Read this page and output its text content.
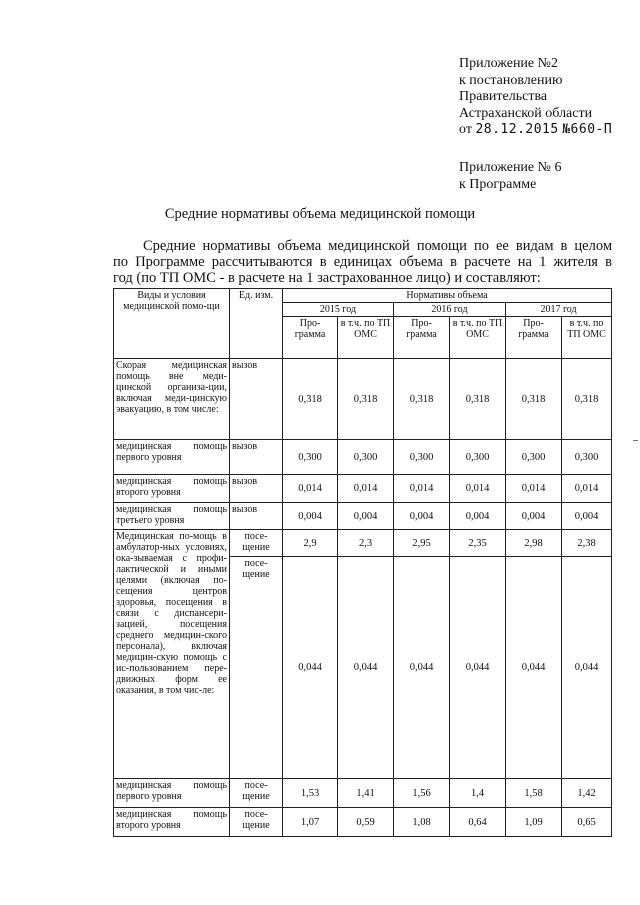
Приложение №2
к постановлению
Правительства
Астраханской области
от 28.12.2015 №660-П
Приложение № 6
к Программе
Средние нормативы объема медицинской помощи
Средние нормативы объема медицинской помощи по ее видам в целом
по Программе рассчитываются в единицах объема в расчете на 1 жителя в
год (по ТП ОМС - в расчете на 1 застрахованное лицо) и составляют:
Виды и условия медицинской помо-щи	Ед. изм.	Нормативы объема					
		2015 год		2016 год		2017 год	
		Про-грамма	в т.ч. по ТП ОМС	Про-грамма	в т.ч. по ТП ОМС	Про-грамма	в т.ч. по ТП ОМС
Скорая медицинская помощь вне меди-цинской организа-ции, включая меди-цинскую эвакуацию, в том числе:	вызов	0,318	0,318	0,318	0,318	0,318	0,318
медицинская помощь первого уровня	вызов	0,300	0,300	0,300	0,300	0,300	0,300
медицинская помощь второго уровня	вызов	0,014	0,014	0,014	0,014	0,014	0,014
медицинская помощь третьего уровня	вызов	0,004	0,004	0,004	0,004	0,004	0,004
Медицинская по-мощь в амбулатор-ных условиях, ока-зываемая с профи-лактической и иными целями (включая по-сещения центров здоровья, посещения в связи с диспансери-зацией, посещения среднего медицин-ского персонала), включая медицин-скую помощь с ис-пользованием пере-движных форм ее оказания, в том чис-ле:	посе-щение	2,9	2,3	2,95	2,35	2,98	2,38
	посе-щение	0,044	0,044	0,044	0,044	0,044	0,044
медицинская помощь первого уровня	посе-щение	1,53	1,41	1,56	1,4	1,58	1,42
медицинская помощь второго уровня	посе-щение	1,07	0,59	1,08	0,64	1,09	0,65
